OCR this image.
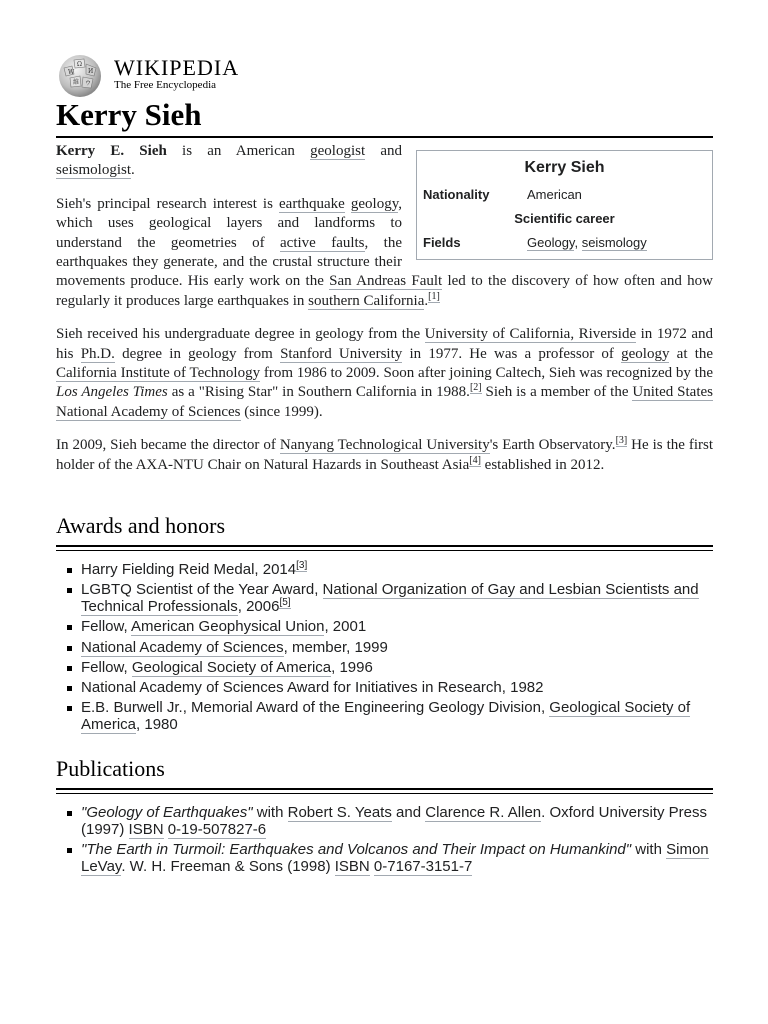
W
Ω
И
維 ウ
WIKIPEDIA
The Free Encyclopedia
Kerry Sieh
Kerry Sieh
Nationality	American
Scientific career
Fields	Geology, seismology

Kerry E. Sieh is an American geologist and seismologist.

Sieh's principal research interest is earthquake geology, which uses geological layers and landforms to understand the geometries of active faults, the earthquakes they generate, and the crustal structure their movements produce. His early work on the San Andreas Fault led to the discovery of how often and how regularly it produces large earthquakes in southern California.[1]

Sieh received his undergraduate degree in geology from the University of California, Riverside in 1972 and his Ph.D. degree in geology from Stanford University in 1977. He was a professor of geology at the California Institute of Technology from 1986 to 2009. Soon after joining Caltech, Sieh was recognized by the Los Angeles Times as a "Rising Star" in Southern California in 1988.[2] Sieh is a member of the United States National Academy of Sciences (since 1999).

In 2009, Sieh became the director of Nanyang Technological University's Earth Observatory.[3] He is the first holder of the AXA-NTU Chair on Natural Hazards in Southeast Asia[4] established in 2012.

Awards and honors
Harry Fielding Reid Medal, 2014[3]
LGBTQ Scientist of the Year Award, National Organization of Gay and Lesbian Scientists and Technical Professionals, 2006[5]
Fellow, American Geophysical Union, 2001
National Academy of Sciences, member, 1999
Fellow, Geological Society of America, 1996
National Academy of Sciences Award for Initiatives in Research, 1982
E.B. Burwell Jr., Memorial Award of the Engineering Geology Division, Geological Society of America, 1980
Publications
"Geology of Earthquakes" with Robert S. Yeats and Clarence R. Allen. Oxford University Press (1997) ISBN 0-19-507827-6
"The Earth in Turmoil: Earthquakes and Volcanos and Their Impact on Humankind" with Simon LeVay. W. H. Freeman & Sons (1998) ISBN 0-7167-3151-7
